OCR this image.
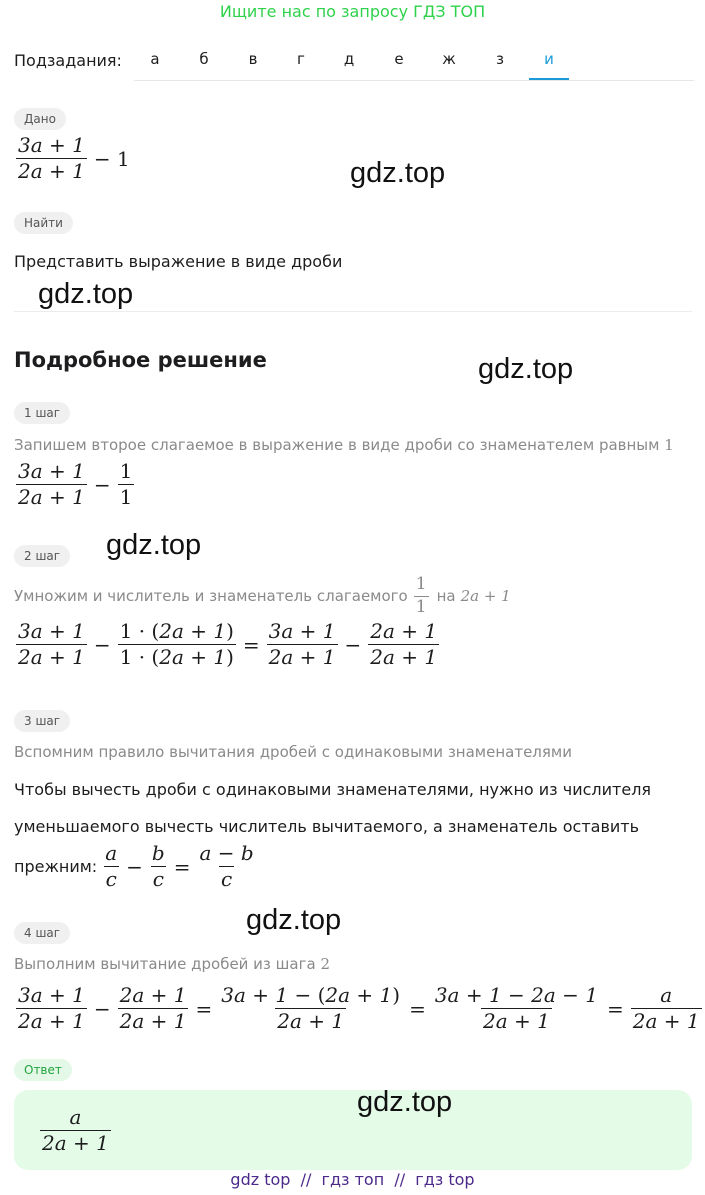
Ищите нас по запросу ГДЗ ТОП
Подзадания:	а	б	в	г	д	е	ж	з	и
Дано
$\frac{3a + 1}{2a + 1} - 1$	gdz.top
Найти
Представить выражение в виде дроби
gdz.top
Подробное решение	gdz.top
1 шаг
Запишем второе слагаемое в выражение в виде дроби со знаменателем равным 1
$\frac{3a + 1}{2a + 1} - \frac{1}{1}$
gdz.top
2 шаг
Умножим и числитель и знаменатель слагаемого $\frac{1}{1}$ на 2a + 1
$\frac{3a + 1}{2a + 1} - \frac{1 \cdot (2a + 1)}{1 \cdot (2a + 1)} = \frac{3a + 1}{2a + 1} - \frac{2a + 1}{2a + 1}$
3 шаг
Вспомним правило вычитания дробей с одинаковыми знаменателями
Чтобы вычесть дроби с одинаковыми знаменателями, нужно из числителя
уменьшаемого вычесть числитель вычитаемого, а знаменатель оставить
прежним: $\frac{a}{c} - \frac{b}{c} = \frac{a - b}{c}$
gdz.top
4 шаг
Выполним вычитание дробей из шага 2
$\frac{3a + 1}{2a + 1} - \frac{2a + 1}{2a + 1} = \frac{3a + 1 - (2a + 1)}{2a + 1} = \frac{3a + 1 - 2a - 1}{2a + 1} = \frac{a}{2a + 1}$
Ответ
$\frac{a}{2a + 1}$
gdz.top
gdz top  //  гдз топ  //  гдз top
